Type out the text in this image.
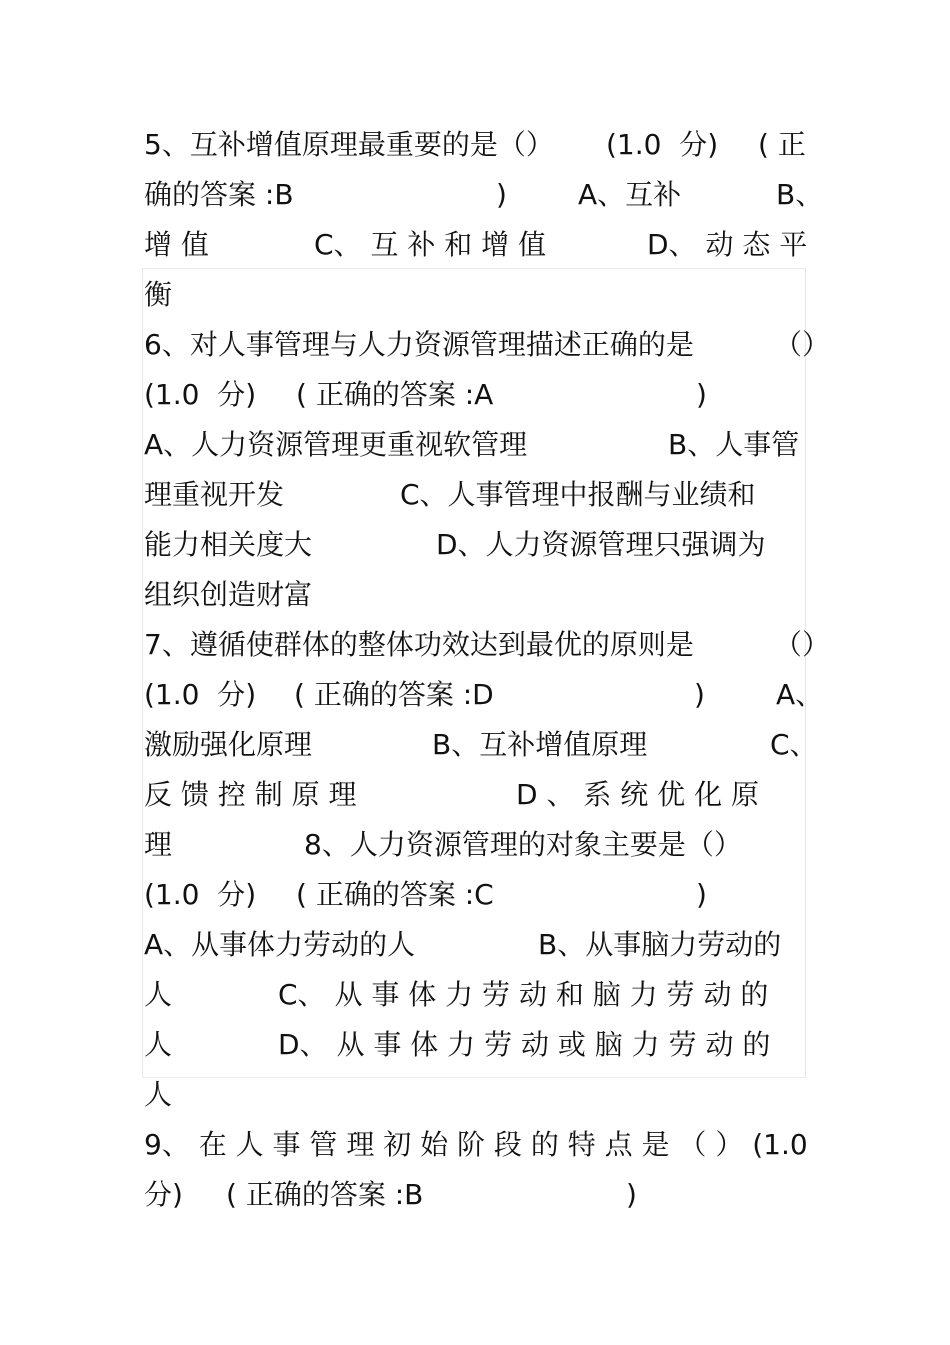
5、互补增值原理最重要的是（） (1.0  分) ( 正
确的答案 :B	)	A、互补	B、
增 值	C、 互 补 和 增 值	D、 动 态 平
衡
6、对人事管理与人力资源管理描述正确的是	（）
(1.0  分) ( 正确的答案 :A	)
A、人力资源管理更重视软管理	B、人事管
理重视开发	C、人事管理中报酬与业绩和
能力相关度大	D、人力资源管理只强调为
组织创造财富
7、遵循使群体的整体功效达到最优的原则是	（）
(1.0  分) ( 正确的答案 :D	)	A、
激励强化原理	B、互补增值原理	C、
反 馈 控 制 原 理	D 、 系 统 优 化 原
理	8、人力资源管理的对象主要是（）
(1.0  分) ( 正确的答案 :C	)
A、从事体力劳动的人	B、从事脑力劳动的
人	C、 从 事 体 力 劳 动 和 脑 力 劳 动 的
人	D、 从 事 体 力 劳 动 或 脑 力 劳 动 的
人
9、 在 人 事 管 理 初 始 阶 段 的 特 点 是 （ ） (1.0
分) ( 正确的答案 :B	)
